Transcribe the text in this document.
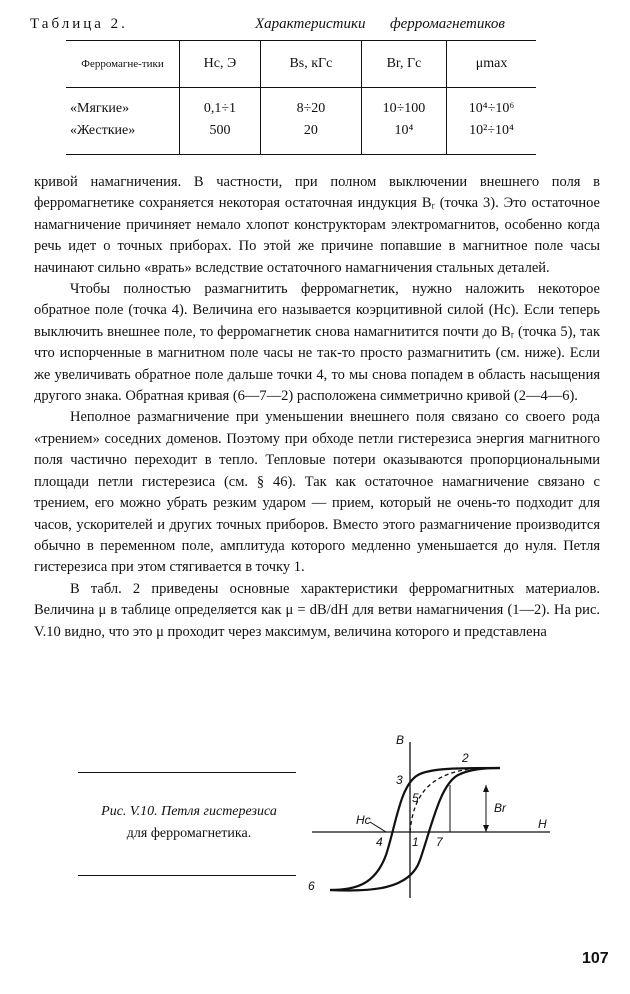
Таблица 2.	Характеристики ферромагнетиков
Ферромагне-тики	Hc, Э	Bs, кГс	Br, Гс	μmax
«Мягкие»	0,1÷1	8÷20	10÷100	10⁴÷10⁶
«Жесткие»	500	20	10⁴	10²÷10⁴

кривой намагничения. В частности, при полном выключении внешнего поля в ферромагнетике сохраняется некоторая остаточная индукция Bᵣ (точка 3). Это остаточное намагничение причиняет немало хлопот конструкторам электромагнитов, особенно когда речь идет о точных приборах. По этой же причине попавшие в магнитное поле часы начинают сильно «врать» вследствие остаточного намагничения стальных деталей.

Чтобы полностью размагнитить ферромагнетик, нужно наложить некоторое обратное поле (точка 4). Величина его называется коэрцитивной силой (Hc). Если теперь выключить внешнее поле, то ферромагнетик снова намагнитится почти до Bᵣ (точка 5), так что испорченные в магнитном поле часы не так-то просто размагнитить (см. ниже). Если же увеличивать обратное поле дальше точки 4, то мы снова попадем в область насыщения другого знака. Обратная кривая (6—7—2) расположена симметрично кривой (2—4—6).

Неполное размагничение при уменьшении внешнего поля связано со своего рода «трением» соседних доменов. Поэтому при обходе петли гистерезиса энергия магнитного поля частично переходит в тепло. Тепловые потери оказываются пропорциональными площади петли гистерезиса (см. § 46). Так как остаточное намагничение связано с трением, его можно убрать резким ударом — прием, который не очень-то подходит для часов, ускорителей и других точных приборов. Вместо этого размагничение производится обычно в переменном поле, амплитуда которого медленно уменьшается до нуля. Петля гистерезиса при этом стягивается в точку 1.

В табл. 2 приведены основные характеристики ферромагнитных материалов. Величина μ в таблице определяется как μ = dB/dH для ветви намагничения (1—2). На рис. V.10 видно, что это μ проходит через максимум, величина которого и представлена

Рис. V.10. Петля гистерезиса
для ферромагнетика.
B
H
Hc
Br
1
2
3
4
5
6
7
107
